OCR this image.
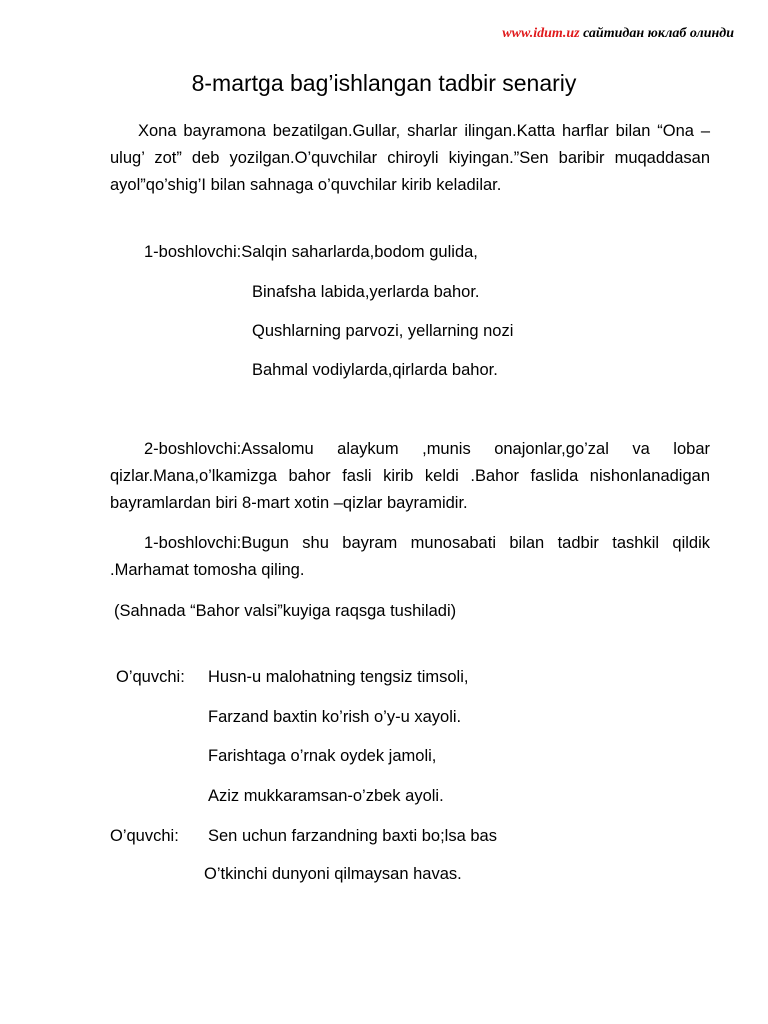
www.idum.uz сайтидан юклаб олинди
8-martga bag’ishlangan tadbir senariy

Xona bayramona bezatilgan.Gullar, sharlar ilingan.Katta harflar bilan “Ona –ulug’ zot” deb yozilgan.O’quvchilar chiroyli kiyingan.”Sen baribir muqaddasan ayol”qo’shig’I bilan sahnaga o’quvchilar kirib keladilar.

1-boshlovchi:Salqin saharlarda,bodom gulida,
Binafsha labida,yerlarda bahor.
Qushlarning parvozi, yellarning nozi
Bahmal vodiylarda,qirlarda bahor.

2-boshlovchi:Assalomu alaykum ,munis onajonlar,go’zal va lobar qizlar.Mana,o’lkamizga bahor fasli kirib keldi .Bahor faslida nishonlanadigan bayramlardan biri 8-mart xotin –qizlar bayramidir.

1-boshlovchi:Bugun shu bayram munosabati bilan tadbir tashkil qildik .Marhamat tomosha qiling.

(Sahnada “Bahor valsi”kuyiga raqsga tushiladi)
O’quvchi: Husn-u malohatning tengsiz timsoli,
Farzand baxtin ko’rish o’y-u xayoli.
Farishtaga o’rnak oydek jamoli,
Aziz mukkaramsan-o’zbek ayoli.
O’quvchi: Sen uchun farzandning baxti bo;lsa bas
O’tkinchi dunyoni qilmaysan havas.
